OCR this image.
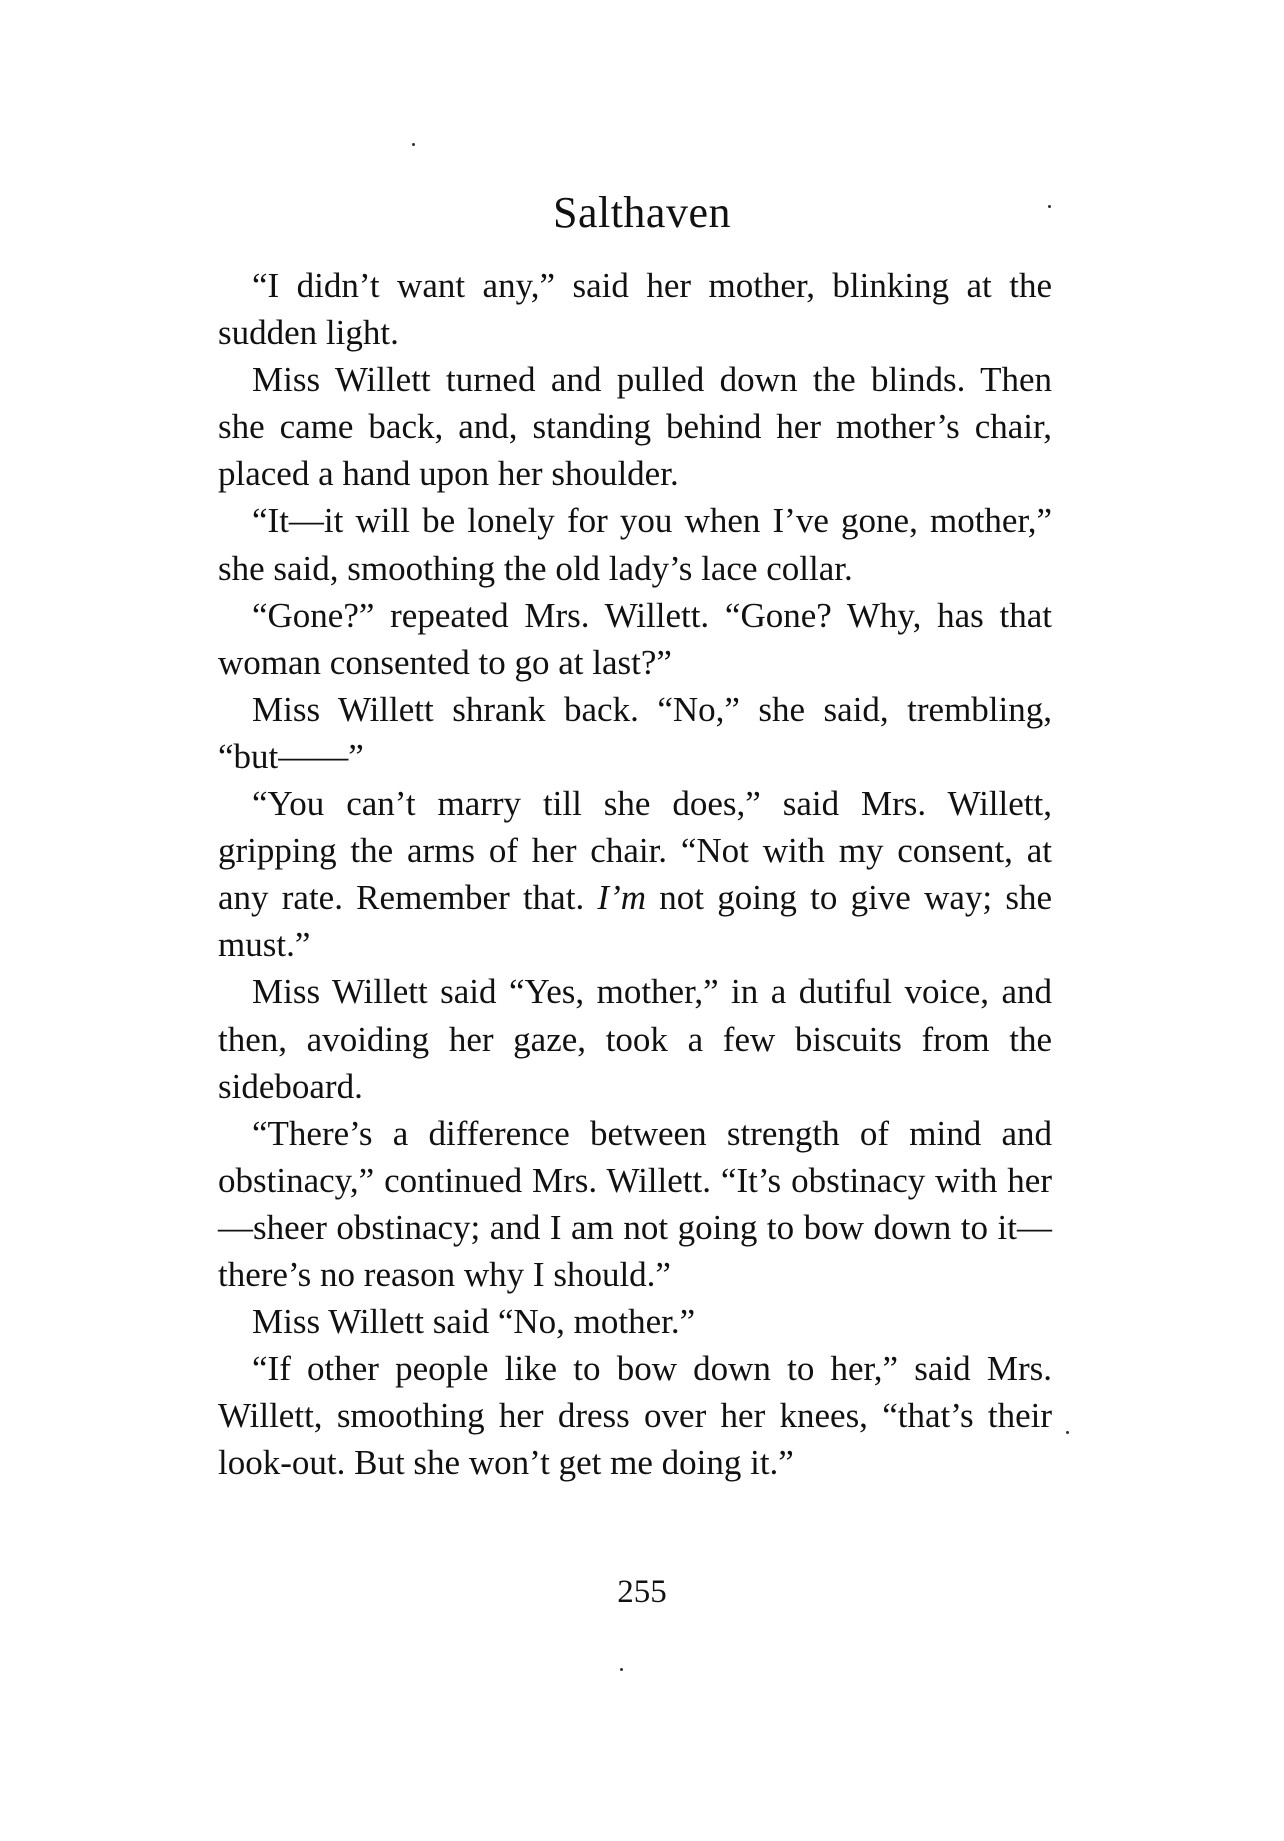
Salthaven

“I didn’t want any,” said her mother, blinking at the sudden light.

Miss Willett turned and pulled down the blinds. Then she came back, and, standing behind her mother’s chair, placed a hand upon her shoulder.

“It—it will be lonely for you when I’ve gone, mother,” she said, smoothing the old lady’s lace collar.

“Gone?” repeated Mrs. Willett. “Gone? Why, has that woman consented to go at last?”

Miss Willett shrank back. “No,” she said, trembling, “but——”

“You can’t marry till she does,” said Mrs. Willett, gripping the arms of her chair. “Not with my consent, at any rate. Remember that. I’m not going to give way; she must.”

Miss Willett said “Yes, mother,” in a dutiful voice, and then, avoiding her gaze, took a few biscuits from the sideboard.

“There’s a difference between strength of mind and obstinacy,” continued Mrs. Willett. “It’s obstinacy with her—sheer obstinacy; and I am not going to bow down to it—there’s no reason why I should.”

Miss Willett said “No, mother.”

“If other people like to bow down to her,” said Mrs. Willett, smoothing her dress over her knees, “that’s their look-out. But she won’t get me doing it.”

255
